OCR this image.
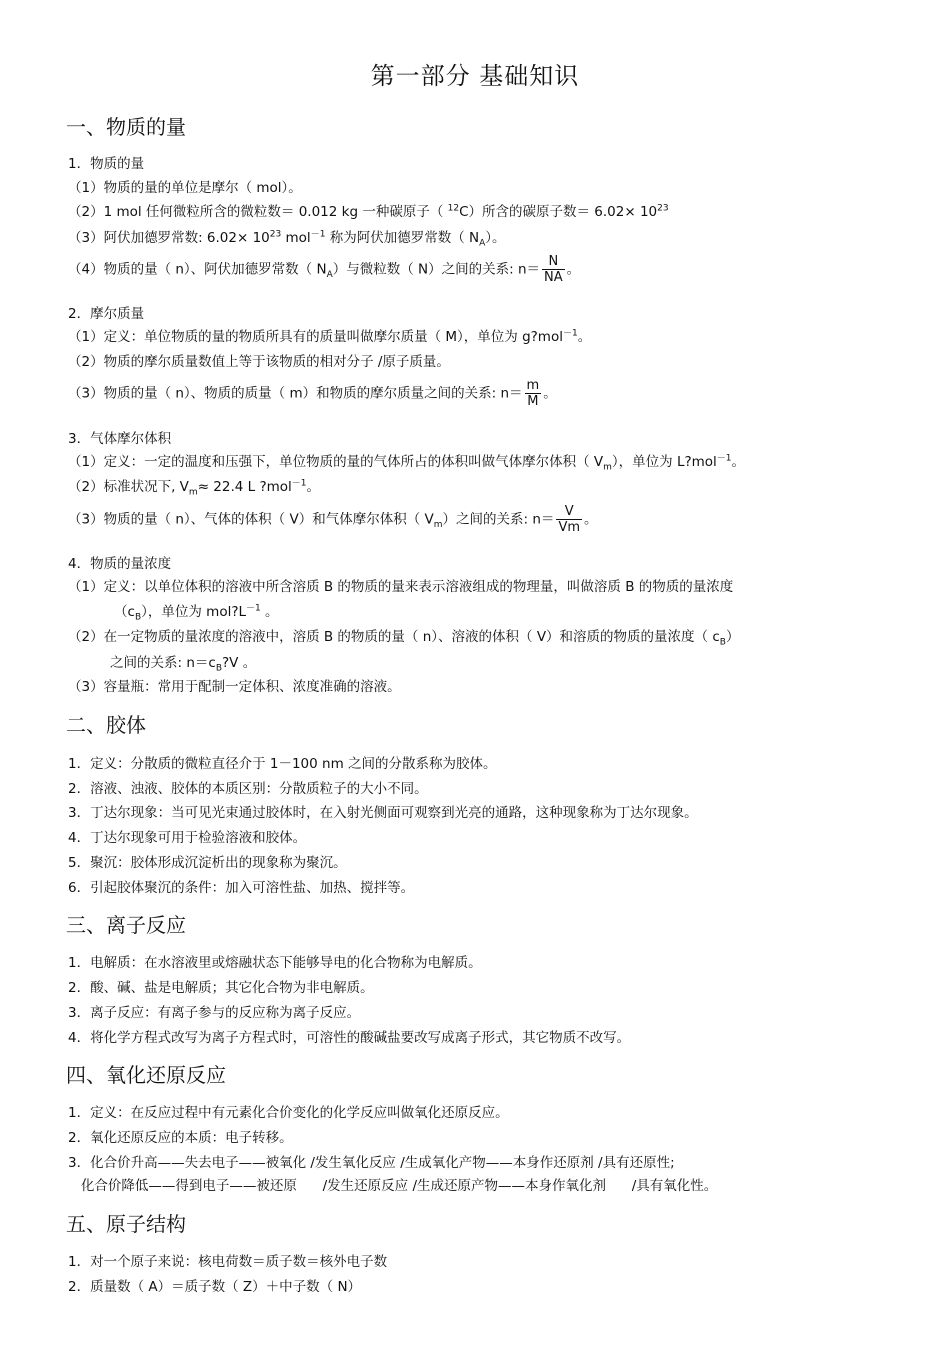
第一部分 基础知识
一、物质的量
1．物质的量
（1）物质的量的单位是摩尔（ mol）。
（2）1 mol 任何微粒所含的微粒数＝ 0.012 kg 一种碳原子（ $^{12}$C）所含的碳原子数＝ $6.02\times 10^{23}$
（3）阿伏加德罗常数: $6.02\times 10^{23}$ mol$^{-1}$ 称为阿伏加德罗常数（ $N_A$）。
（4）物质的量（ n）、阿伏加德罗常数（ $N_A$）与微粒数（ N）之间的关系: $n= \frac{N}{NA}$ 。
2．摩尔质量
（1）定义：单位物质的量的物质所具有的质量叫做摩尔质量（ M），单位为 g?mol$^{-1}$。
（2）物质的摩尔质量数值上等于该物质的相对分子 /原子质量。
（3）物质的量（ n）、物质的质量（ m）和物质的摩尔质量之间的关系: $n= \frac{m}{M}$ 。
3．气体摩尔体积
（1）定义：一定的温度和压强下，单位物质的量的气体所占的体积叫做气体摩尔体积（ $V_m$），单位为 L?mol$^{-1}$。
（2）标准状况下, $V_m\approx 22.4$ L ?mol$^{-1}$。
（3）物质的量（ n）、气体的体积（ V）和气体摩尔体积（ $V_m$）之间的关系: $n= \frac{V}{Vm}$ 。
4．物质的量浓度
（1）定义：以单位体积的溶液中所含溶质 B 的物质的量来表示溶液组成的物理量，叫做溶质 B 的物质的量浓度
$(c_B)$，单位为 $mol?L^{-1}$ 。
（2）在一定物质的量浓度的溶液中，溶质 B 的物质的量（ n）、溶液的体积（ V）和溶质的物质的量浓度（ $c_B$）
之间的关系: $n=c_B?V$ 。
（3）容量瓶：常用于配制一定体积、浓度准确的溶液。
二、胶体
1．定义：分散质的微粒直径介于 1－100 nm 之间的分散系称为胶体。
2．溶液、浊液、胶体的本质区别：分散质粒子的大小不同。
3．丁达尔现象：当可见光束通过胶体时，在入射光侧面可观察到光亮的通路，这种现象称为丁达尔现象。
4．丁达尔现象可用于检验溶液和胶体。
5．聚沉：胶体形成沉淀析出的现象称为聚沉。
6．引起胶体聚沉的条件：加入可溶性盐、加热、搅拌等。
三、离子反应
1．电解质：在水溶液里或熔融状态下能够导电的化合物称为电解质。
2．酸、碱、盐是电解质；其它化合物为非电解质。
3．离子反应：有离子参与的反应称为离子反应。
4．将化学方程式改写为离子方程式时，可溶性的酸碱盐要改写成离子形式，其它物质不改写。
四、氧化还原反应
1．定义：在反应过程中有元素化合价变化的化学反应叫做氧化还原反应。
2．氧化还原反应的本质：电子转移。
3．化合价升高——失去电子——被氧化 /发生氧化反应 /生成氧化产物——本身作还原剂 /具有还原性;
化合价降低——得到电子——被还原      /发生还原反应 /生成还原产物——本身作氧化剂      /具有氧化性。
五、原子结构
1．对一个原子来说：核电荷数＝质子数＝核外电子数
2．质量数（ A）＝质子数（ Z）＋中子数（ N）
